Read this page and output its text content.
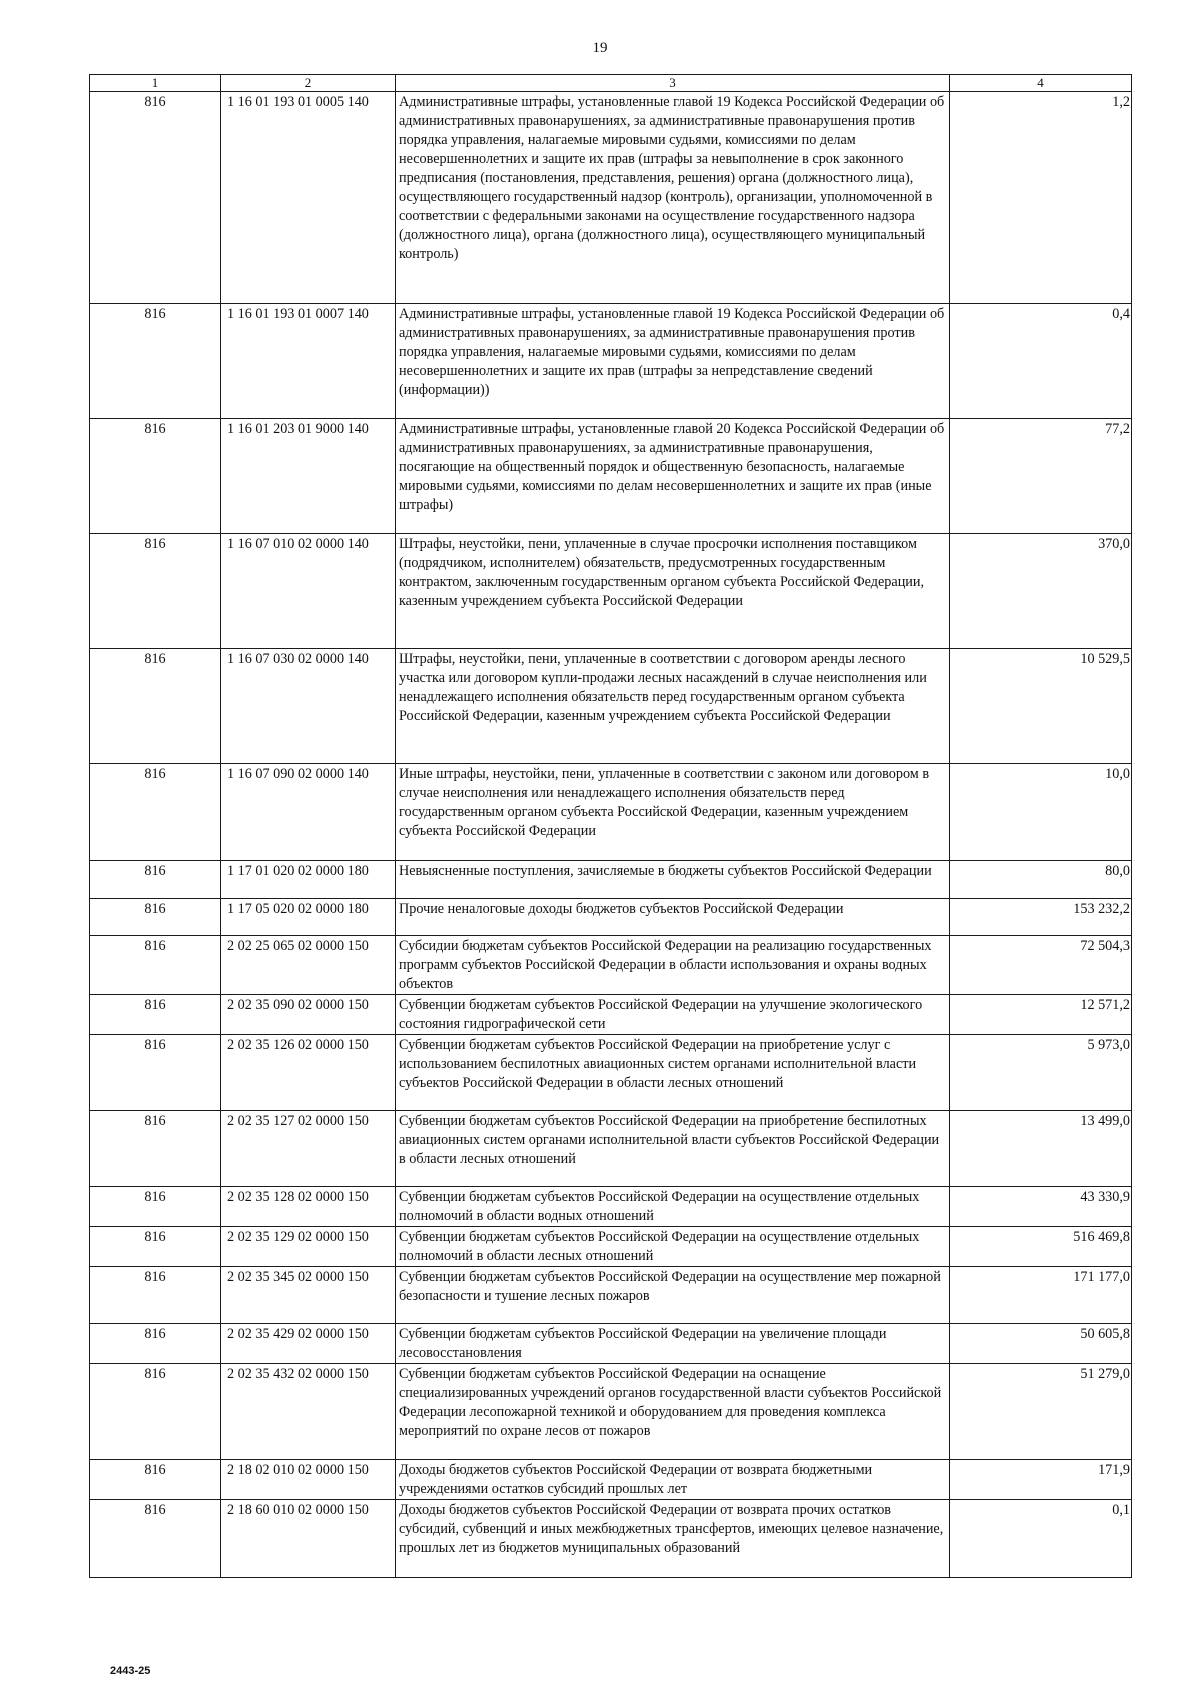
19
1	2	3	4
816	1 16 01 193 01 0005 140	Административные штрафы, установленные главой 19 Кодекса Российской Федерации об административных правонарушениях, за административные правонарушения против порядка управления, налагаемые мировыми судьями, комиссиями по делам несовершеннолетних и защите их прав (штрафы за невыполнение в срок законного предписания (постановления, представления, решения) органа (должностного лица), осуществляющего государственный надзор (контроль), организации, уполномоченной в соответствии с федеральными законами на осуществление государственного надзора (должностного лица), органа (должностного лица), осуществляющего муниципальный контроль)	1,2
816	1 16 01 193 01 0007 140	Административные штрафы, установленные главой 19 Кодекса Российской Федерации об административных правонарушениях, за административные правонарушения против порядка управления, налагаемые мировыми судьями, комиссиями по делам несовершеннолетних и защите их прав (штрафы за непредставление сведений (информации))	0,4
816	1 16 01 203 01 9000 140	Административные штрафы, установленные главой 20 Кодекса Российской Федерации об административных правонарушениях, за административные правонарушения, посягающие на общественный порядок и общественную безопасность, налагаемые мировыми судьями, комиссиями по делам несовершеннолетних и защите их прав (иные штрафы)	77,2
816	1 16 07 010 02 0000 140	Штрафы, неустойки, пени, уплаченные в случае просрочки исполнения поставщиком (подрядчиком, исполнителем) обязательств, предусмотренных государственным контрактом, заключенным государственным органом субъекта Российской Федерации, казенным учреждением субъекта Российской Федерации	370,0
816	1 16 07 030 02 0000 140	Штрафы, неустойки, пени, уплаченные в соответствии с договором аренды лесного участка или договором купли-продажи лесных насаждений в случае неисполнения или ненадлежащего исполнения обязательств перед государственным органом субъекта Российской Федерации, казенным учреждением субъекта Российской Федерации	10 529,5
816	1 16 07 090 02 0000 140	Иные штрафы, неустойки, пени, уплаченные в соответствии с законом или договором в случае неисполнения или ненадлежащего исполнения обязательств перед государственным органом субъекта Российской Федерации, казенным учреждением субъекта Российской Федерации	10,0
816	1 17 01 020 02 0000 180	Невыясненные поступления, зачисляемые в бюджеты субъектов Российской Федерации	80,0
816	1 17 05 020 02 0000 180	Прочие неналоговые доходы бюджетов субъектов Российской Федерации	153 232,2
816	2 02 25 065 02 0000 150	Субсидии бюджетам субъектов Российской Федерации на реализацию государственных программ субъектов Российской Федерации в области использования и охраны водных объектов	72 504,3
816	2 02 35 090 02 0000 150	Субвенции бюджетам субъектов Российской Федерации на улучшение экологического состояния гидрографической сети	12 571,2
816	2 02 35 126 02 0000 150	Субвенции бюджетам субъектов Российской Федерации на приобретение услуг с использованием беспилотных авиационных систем органами исполнительной власти субъектов Российской Федерации в области лесных отношений	5 973,0
816	2 02 35 127 02 0000 150	Субвенции бюджетам субъектов Российской Федерации на приобретение беспилотных авиационных систем органами исполнительной власти субъектов Российской Федерации в области лесных отношений	13 499,0
816	2 02 35 128 02 0000 150	Субвенции бюджетам субъектов Российской Федерации на осуществление отдельных полномочий в области водных отношений	43 330,9
816	2 02 35 129 02 0000 150	Субвенции бюджетам субъектов Российской Федерации на осуществление отдельных полномочий в области лесных отношений	516 469,8
816	2 02 35 345 02 0000 150	Субвенции бюджетам субъектов Российской Федерации на осуществление мер пожарной безопасности и тушение лесных пожаров	171 177,0
816	2 02 35 429 02 0000 150	Субвенции бюджетам субъектов Российской Федерации на увеличение площади лесовосстановления	50 605,8
816	2 02 35 432 02 0000 150	Субвенции бюджетам субъектов Российской Федерации на оснащение специализированных учреждений органов государственной власти субъектов Российской Федерации лесопожарной техникой и оборудованием для проведения комплекса мероприятий по охране лесов от пожаров	51 279,0
816	2 18 02 010 02 0000 150	Доходы бюджетов субъектов Российской Федерации от возврата бюджетными учреждениями остатков субсидий прошлых лет	171,9
816	2 18 60 010 02 0000 150	Доходы бюджетов субъектов Российской Федерации от возврата прочих остатков субсидий, субвенций и иных межбюджетных трансфертов, имеющих целевое назначение, прошлых лет из бюджетов муниципальных образований	0,1
2443-25
